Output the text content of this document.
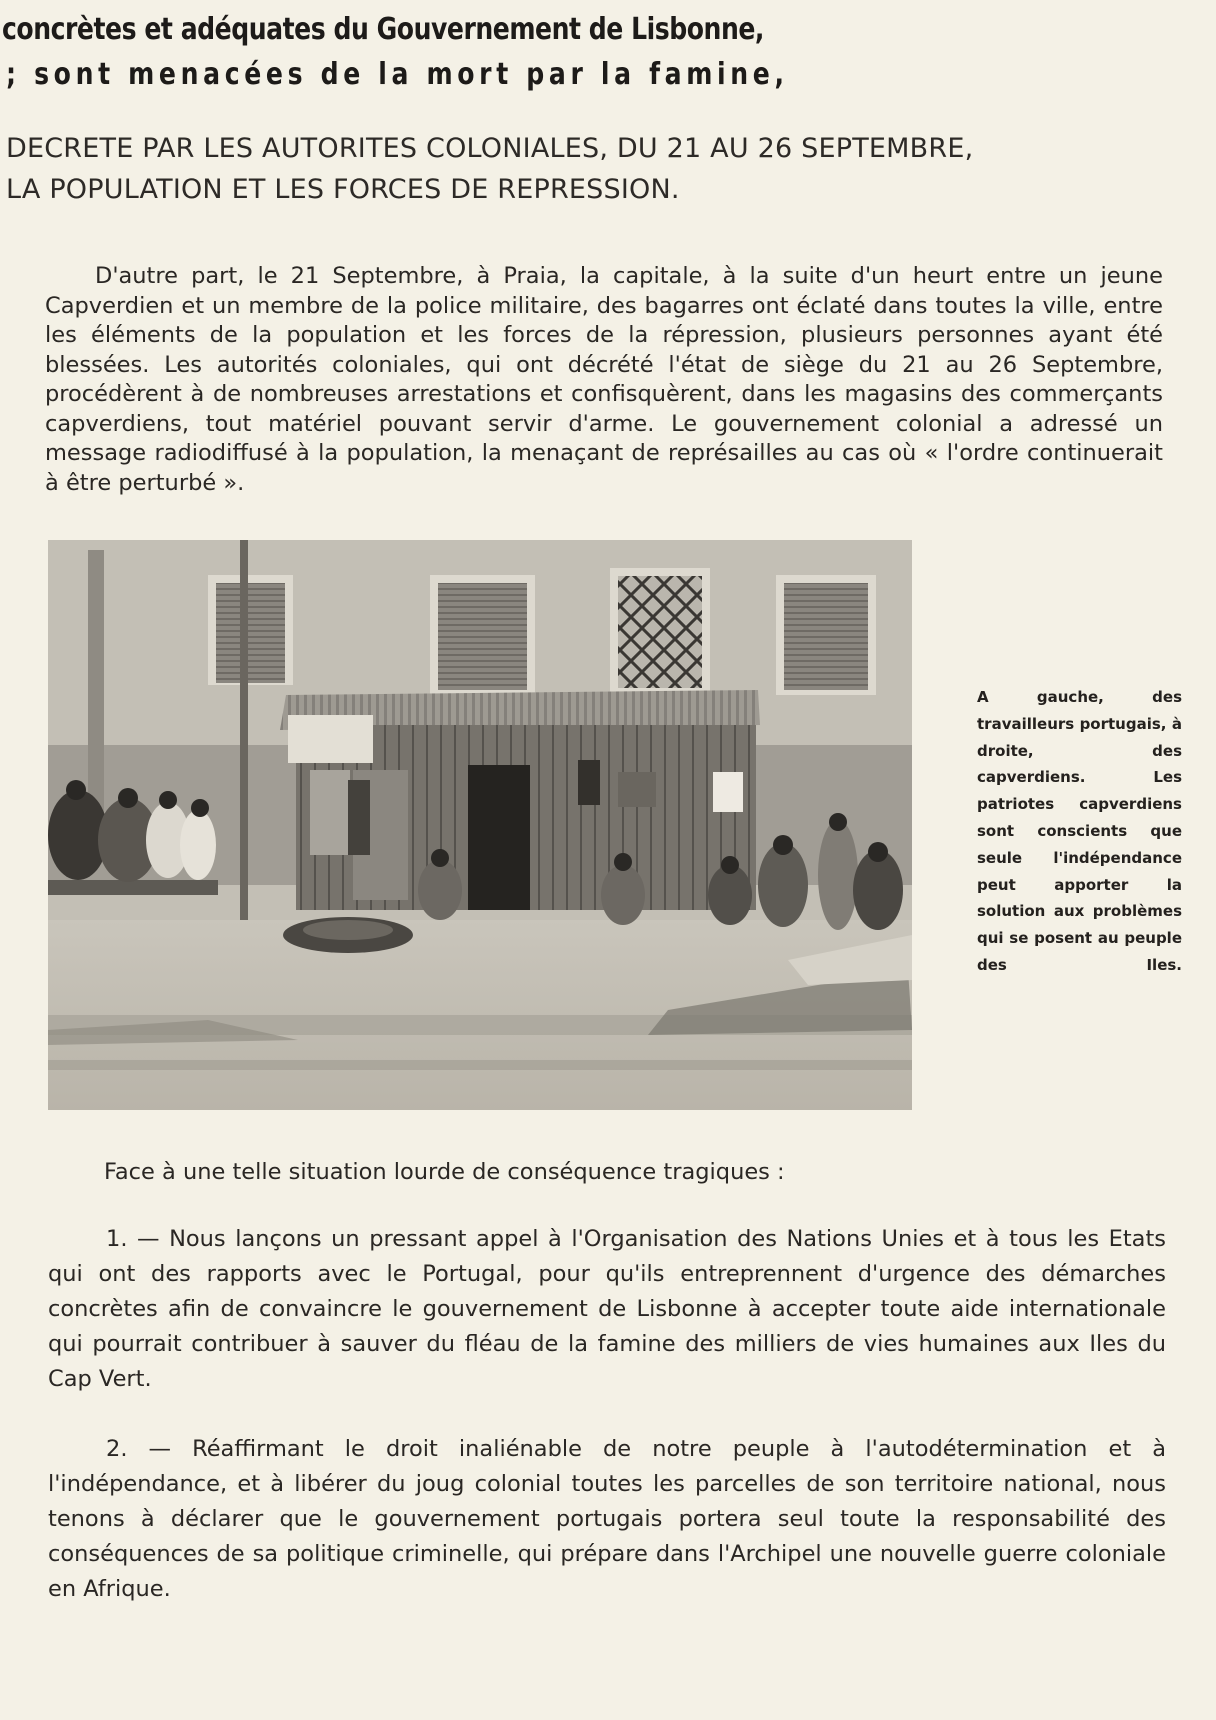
concrètes et adéquates du Gouvernement de Lisbonne,
; sont menacées de la mort par la famine,
DECRETE PAR LES AUTORITES COLONIALES, DU 21 AU 26 SEPTEMBRE,
LA POPULATION ET LES FORCES DE REPRESSION.
D'autre part, le 21 Septembre, à Praia, la capitale, à la suite d'un heurt entre un jeune Capverdien et un membre de la police militaire, des bagarres ont éclaté dans toutes la ville, entre les éléments de la population et les forces de la répression, plusieurs personnes ayant été blessées. Les autorités coloniales, qui ont décrété l'état de siège du 21 au 26 Septembre, procédèrent à de nombreuses arrestations et confisquèrent, dans les magasins des commerçants capverdiens, tout matériel pouvant servir d'arme. Le gouvernement colonial a adressé un message radiodiffusé à la population, la menaçant de représailles au cas où « l'ordre continuerait à être perturbé ».
A gauche, des travailleurs portugais, à droite, des capverdiens. Les patriotes capverdiens sont conscients que seule l'indépendance peut apporter la solution aux problèmes qui se posent au peuple des Iles.
Face à une telle situation lourde de conséquence tragiques :
1. — Nous lançons un pressant appel à l'Organisation des Nations Unies et à tous les Etats qui ont des rapports avec le Portugal, pour qu'ils entreprennent d'urgence des démarches concrètes afin de convaincre le gouvernement de Lisbonne à accepter toute aide internationale qui pourrait contribuer à sauver du fléau de la famine des milliers de vies humaines aux Iles du Cap Vert.
2. — Réaffirmant le droit inaliénable de notre peuple à l'autodétermination et à l'indépendance, et à libérer du joug colonial toutes les parcelles de son territoire national, nous tenons à déclarer que le gouvernement portugais portera seul toute la responsabilité des conséquences de sa politique criminelle, qui prépare dans l'Archipel une nouvelle guerre coloniale en Afrique.
